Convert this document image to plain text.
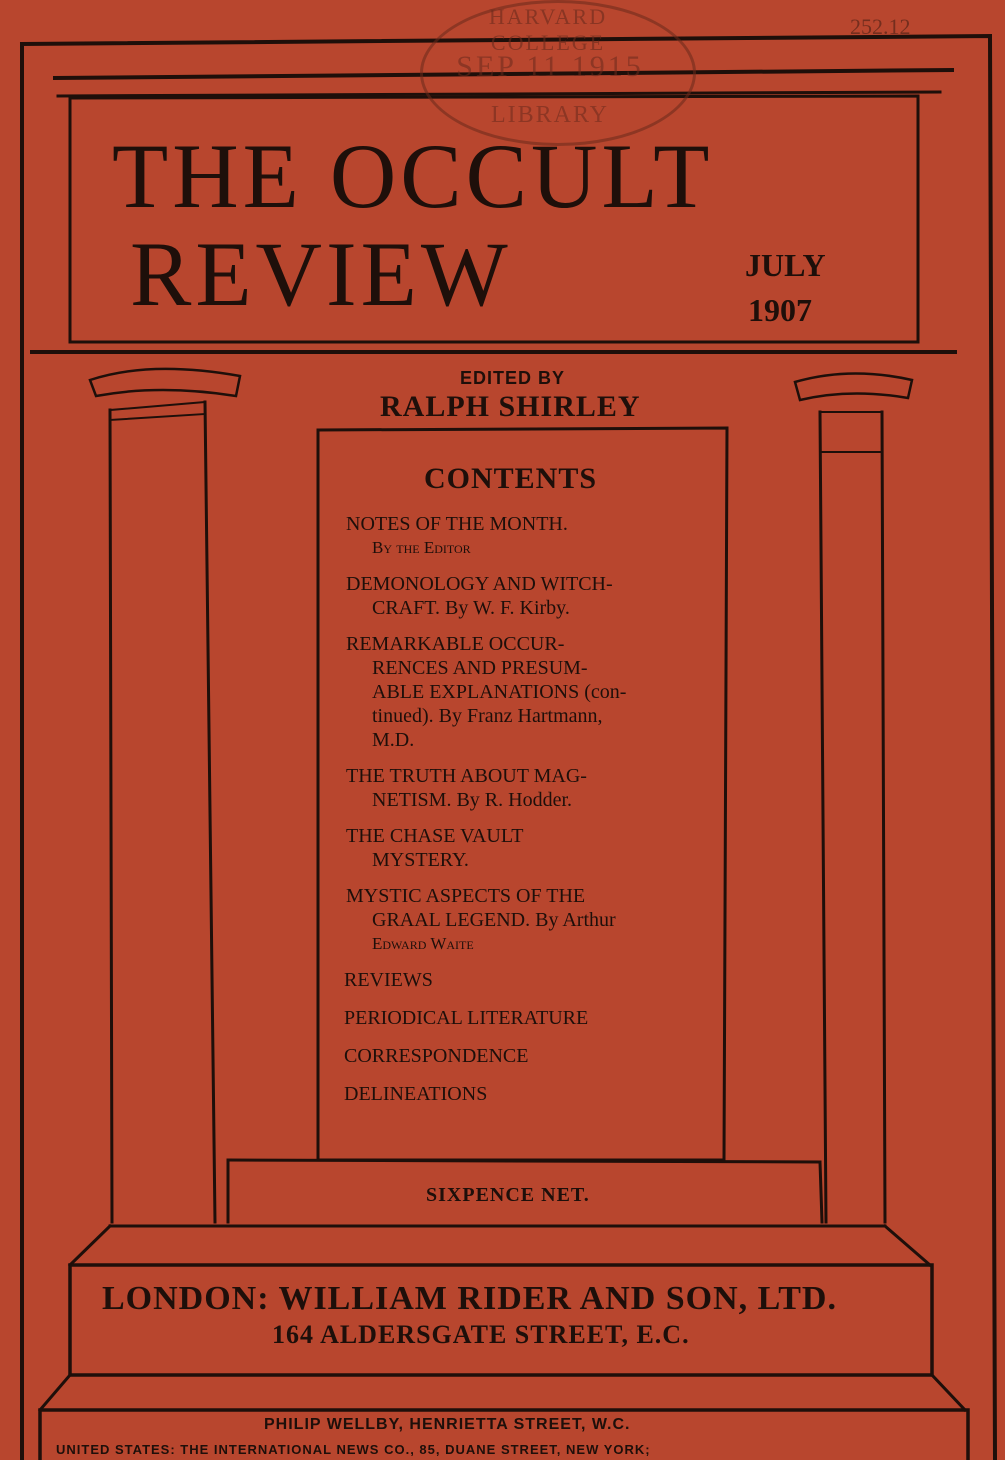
HARVARD COLLEGE
SEP 11 1915
LIBRARY
252.12
THE OCCULT
REVIEW	JULY
1907
EDITED BY
RALPH SHIRLEY
CONTENTS
NOTES OF THE MONTH.
By the Editor
DEMONOLOGY AND WITCH-
CRAFT. By W. F. Kirby.
REMARKABLE OCCUR-
RENCES AND PRESUM-
ABLE EXPLANATIONS (con-
tinued). By Franz Hartmann,
M.D.
THE TRUTH ABOUT MAG-
NETISM. By R. Hodder.
THE CHASE VAULT
MYSTERY.
MYSTIC ASPECTS OF THE
GRAAL LEGEND. By Arthur
Edward Waite
REVIEWS
PERIODICAL LITERATURE
CORRESPONDENCE
DELINEATIONS
SIXPENCE NET.
LONDON: WILLIAM RIDER AND SON, LTD.
164 ALDERSGATE STREET, E.C.
PHILIP WELLBY, HENRIETTA STREET, W.C.
UNITED STATES: THE INTERNATIONAL NEWS CO., 85, DUANE STREET, NEW YORK;
